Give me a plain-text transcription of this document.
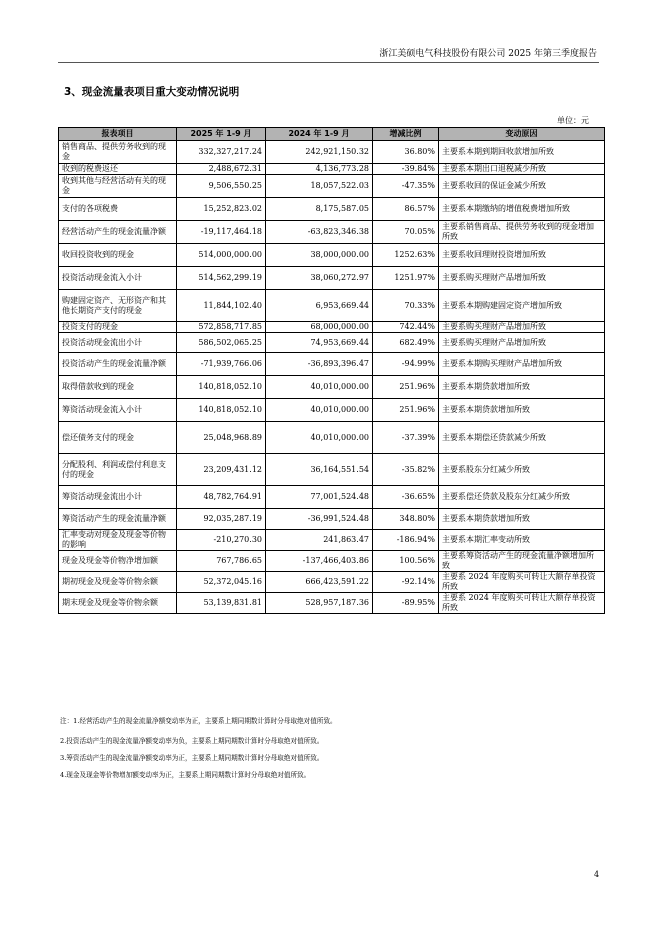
浙江美硕电气科技股份有限公司 2025 年第三季度报告
3、现金流量表项目重大变动情况说明
单位：元
报表项目	2025 年 1-9 月	2024 年 1-9 月	增减比例	变动原因
销售商品、提供劳务收到的现金	332,327,217.24	242,921,150.32	36.80%	主要系本期到期回收款增加所致
收到的税费返还	2,488,672.31	4,136,773.28	-39.84%	主要系本期出口退税减少所致
收到其他与经营活动有关的现金	9,506,550.25	18,057,522.03	-47.35%	主要系收回的保证金减少所致
支付的各项税费	15,252,823.02	8,175,587.05	86.57%	主要系本期缴纳的增值税费增加所致
经营活动产生的现金流量净额	-19,117,464.18	-63,823,346.38	70.05%	主要系销售商品、提供劳务收到的现金增加所致
收回投资收到的现金	514,000,000.00	38,000,000.00	1252.63%	主要系收回理财投资增加所致
投资活动现金流入小计	514,562,299.19	38,060,272.97	1251.97%	主要系购买理财产品增加所致
购建固定资产、无形资产和其他长期资产支付的现金	11,844,102.40	6,953,669.44	70.33%	主要系本期购建固定资产增加所致
投资支付的现金	572,858,717.85	68,000,000.00	742.44%	主要系购买理财产品增加所致
投资活动现金流出小计	586,502,065.25	74,953,669.44	682.49%	主要系购买理财产品增加所致
投资活动产生的现金流量净额	-71,939,766.06	-36,893,396.47	-94.99%	主要系本期购买理财产品增加所致
取得借款收到的现金	140,818,052.10	40,010,000.00	251.96%	主要系本期贷款增加所致
筹资活动现金流入小计	140,818,052.10	40,010,000.00	251.96%	主要系本期贷款增加所致
偿还债务支付的现金	25,048,968.89	40,010,000.00	-37.39%	主要系本期偿还贷款减少所致
分配股利、利润或偿付利息支付的现金	23,209,431.12	36,164,551.54	-35.82%	主要系股东分红减少所致
筹资活动现金流出小计	48,782,764.91	77,001,524.48	-36.65%	主要系偿还贷款及股东分红减少所致
筹资活动产生的现金流量净额	92,035,287.19	-36,991,524.48	348.80%	主要系本期贷款增加所致
汇率变动对现金及现金等价物的影响	-210,270.30	241,863.47	-186.94%	主要系本期汇率变动所致
现金及现金等价物净增加额	767,786.65	-137,466,403.86	100.56%	主要系筹资活动产生的现金流量净额增加所致
期初现金及现金等价物余额	52,372,045.16	666,423,591.22	-92.14%	主要系 2024 年度购买可转让大额存单投资所致
期末现金及现金等价物余额	53,139,831.81	528,957,187.36	-89.95%	主要系 2024 年度购买可转让大额存单投资所致
注：1.经营活动产生的现金流量净额变动率为正，主要系上期同期数计算时分母取绝对值所致。
2.投资活动产生的现金流量净额变动率为负，主要系上期同期数计算时分母取绝对值所致。
3.筹资活动产生的现金流量净额变动率为正，主要系上期同期数计算时分母取绝对值所致。
4.现金及现金等价物增加额变动率为正，主要系上期同期数计算时分母取绝对值所致。
4
